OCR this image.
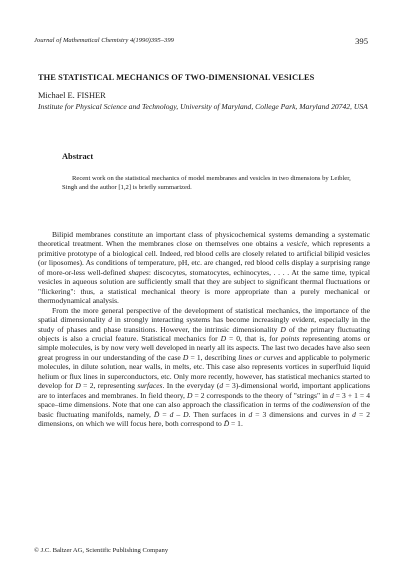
Journal of Mathematical Chemistry 4(1990)395–399	395
THE STATISTICAL MECHANICS OF TWO-DIMENSIONAL VESICLES
Michael E. FISHER
Institute for Physical Science and Technology, University of Maryland, College Park, Maryland 20742, USA
Abstract
Recent work on the statistical mechanics of model membranes and vesicles in two dimensions by Leibler, Singh and the author [1,2] is briefly summarized.

Bilipid membranes constitute an important class of physicochemical systems demanding a systematic theoretical treatment. When the membranes close on themselves one obtains a vesicle, which represents a primitive prototype of a biological cell. Indeed, red blood cells are closely related to artificial bilipid vesicles (or liposomes). As conditions of temperature, pH, etc. are changed, red blood cells display a surprising range of more-or-less well-defined shapes: discocytes, stomatocytes, echinocytes, . . . . At the same time, typical vesicles in aqueous solution are sufficiently small that they are subject to significant thermal fluctuations or "flickering": thus, a statistical mechanical theory is more appropriate than a purely mechanical or thermodynamical analysis.

From the more general perspective of the development of statistical mechanics, the importance of the spatial dimensionality d in strongly interacting systems has become increasingly evident, especially in the study of phases and phase transitions. However, the intrinsic dimensionality D of the primary fluctuating objects is also a crucial feature. Statistical mechanics for D = 0, that is, for points representing atoms or simple molecules, is by now very well developed in nearly all its aspects. The last two decades have also seen great progress in our understanding of the case D = 1, describing lines or curves and applicable to polymeric molecules, in dilute solution, near walls, in melts, etc. This case also represents vortices in superfluid liquid helium or flux lines in superconductors, etc. Only more recently, however, has statistical mechanics started to develop for D = 2, representing surfaces. In the everyday (d = 3)-dimensional world, important applications are to interfaces and membranes. In field theory, D = 2 corresponds to the theory of "strings" in d = 3 + 1 = 4 space–time dimensions. Note that one can also approach the classification in terms of the codimension of the basic fluctuating manifolds, namely, D̃ = d – D. Then surfaces in d = 3 dimensions and curves in d = 2 dimensions, on which we will focus here, both correspond to D̃ = 1.

© J.C. Baltzer AG, Scientific Publishing Company
